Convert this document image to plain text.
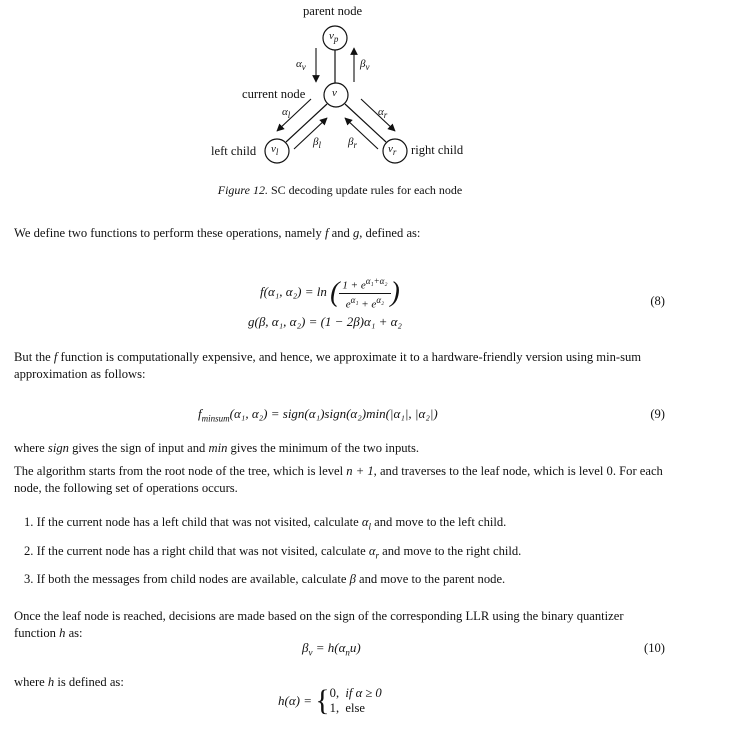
$\nu_p$
ν
$\nu_l$	$\nu_r$
$\alpha_\nu$	$\beta_\nu$
$\alpha_l$	$\alpha_r$
$\beta_l$ $\beta_r$
parent node
current node
left child	right child
Figure 12. SC decoding update rules for each node
We define two functions to perform these operations, namely f and g, defined as:
f(α₁, α₂) = ln ( $\frac{1 + e^{\alpha_1+\alpha_2}}{e^{\alpha_1} + e^{\alpha_2}}$ )
g(β, α₁, α₂) = (1 − 2β)α₁ + α₂
(8)
But the f function is computationally expensive, and hence, we approximate it to a hardware-friendly version using min-sum approximation as follows:
$f_{minsum}(\alpha_1$, α₂) = sign(α₁)sign(α₂)min(|α₁|, |α₂|)	(9)
where sign gives the sign of input and min gives the minimum of the two inputs.
The algorithm starts from the root node of the tree, which is level n + 1, and traverses to the leaf node, which is level 0. For each node, the following set of operations occurs.
1. If the current node has a left child that was not visited, calculate $\alpha_l$ and move to the left child.
2. If the current node has a right child that was not visited, calculate $\alpha_r$ and move to the right child.
3. If both the messages from child nodes are available, calculate β and move to the parent node.
Once the leaf node is reached, decisions are made based on the sign of the corresponding LLR using the binary quantizer function h as:
$\beta_\nu = h(\alpha_nu)$	(10)
where h is defined as:
h(α) = { 0, if α ≥ 0
1, else
